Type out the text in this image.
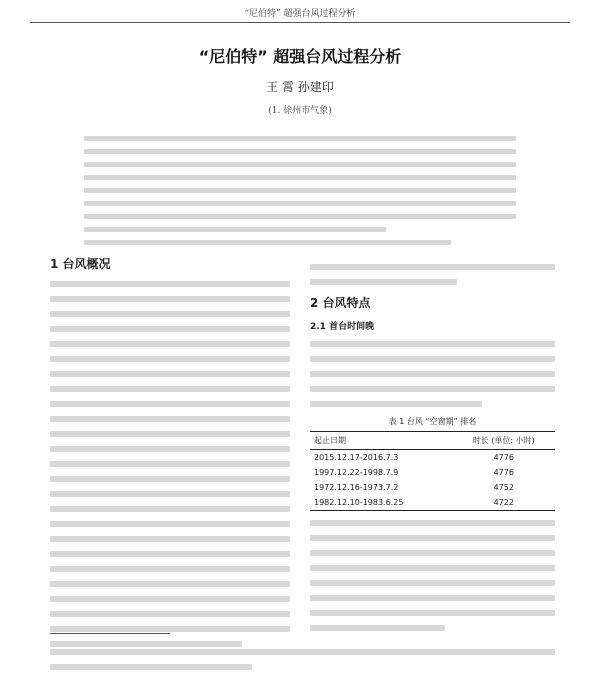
“尼伯特” 超强台风过程分析
“尼伯特” 超强台风过程分析
王 霄 孙建印
(1. 徐州市气象)
1 台风概况
2 台风特点
2.1 首台时间晚
表 1 台风 “空窗期” 排名
起止日期	时长 (单位: 小时)
2015.12.17-2016.7.3	4776
1997.12.22-1998.7.9	4776
1972.12.16-1973.7.2	4752
1982.12.10-1983.6.25	4722
